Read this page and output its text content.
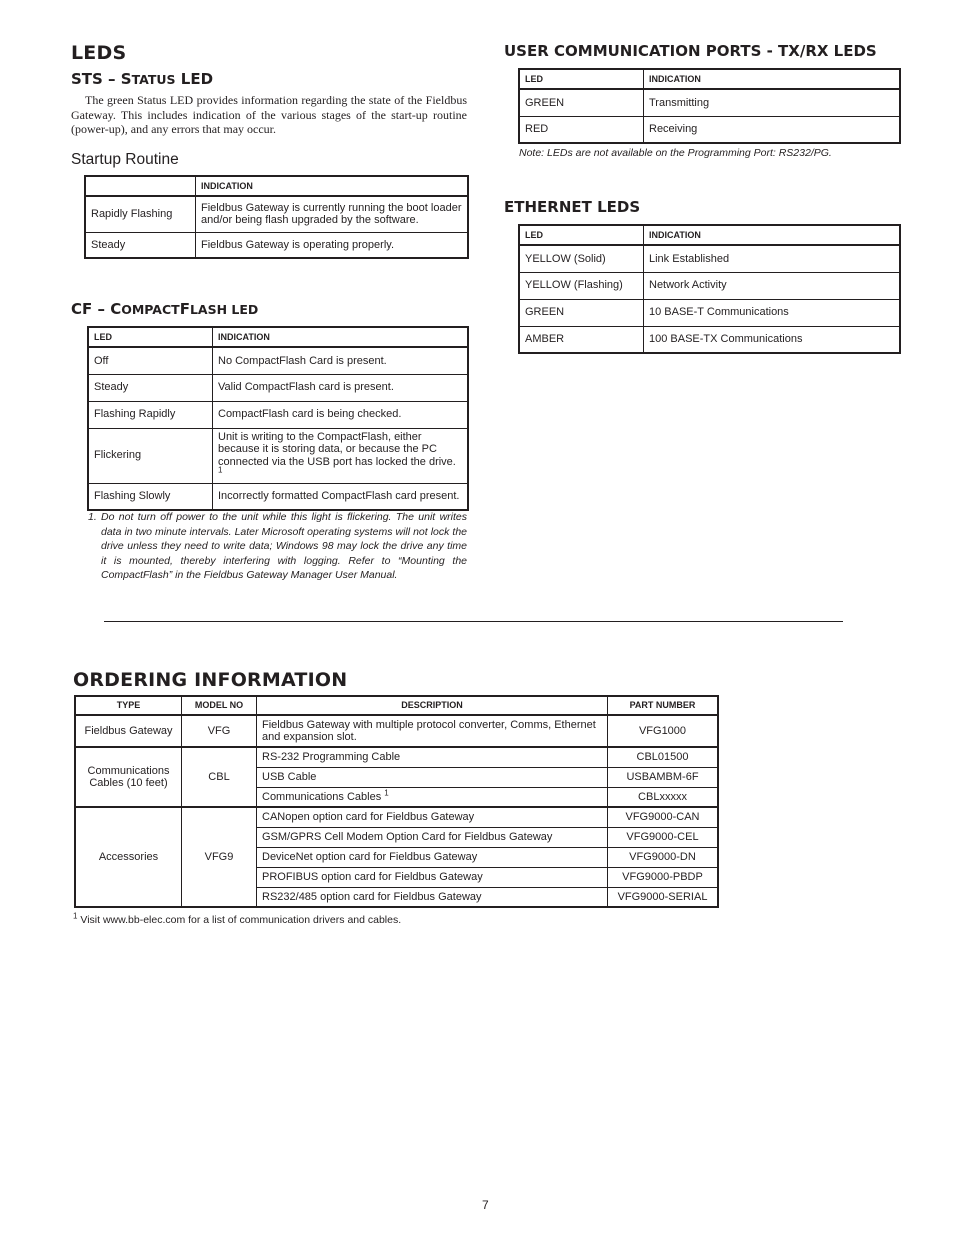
LEDS
STS – STATUS LED
The green Status LED provides information regarding the state of the Fieldbus Gateway. This includes indication of the various stages of the start-up routine (power-up), and any errors that may occur.
Startup Routine
	INDICATION
Rapidly Flashing	Fieldbus Gateway is currently running the boot loader and/or being flash upgraded by the software.
Steady	Fieldbus Gateway is operating properly.
CF – COMPACTFLASH LED
LED	INDICATION
Off	No CompactFlash Card is present.
Steady	Valid CompactFlash card is present.
Flashing Rapidly	CompactFlash card is being checked.
Flickering	Unit is writing to the CompactFlash, either because it is storing data, or because the PC connected via the USB port has locked the drive. $^1$
Flashing Slowly	Incorrectly formatted CompactFlash card present.
1. Do not turn off power to the unit while this light is flickering. The unit writes data in two minute intervals. Later Microsoft operating systems will not lock the drive unless they need to write data; Windows 98 may lock the drive any time it is mounted, thereby interfering with logging. Refer to “Mounting the CompactFlash” in the Fieldbus Gateway Manager User Manual.
USER COMMUNICATION PORTS - TX/RX LEDS
LED	INDICATION
GREEN	Transmitting
RED	Receiving
Note: LEDs are not available on the Programming Port: RS232/PG.
ETHERNET LEDS
LED	INDICATION
YELLOW (Solid)	Link Established
YELLOW (Flashing)	Network Activity
GREEN	10 BASE-T Communications
AMBER	100 BASE-TX Communications
ORDERING INFORMATION
TYPE	MODEL NO	DESCRIPTION	PART NUMBER
Fieldbus Gateway	VFG	Fieldbus Gateway with multiple protocol converter, Comms, Ethernet and expansion slot.	VFG1000
Communications Cables (10 feet)	CBL	RS-232 Programming Cable	CBL01500
		USB Cable	USBAMBM-6F
		Communications Cables $^1$	CBLxxxxx
Accessories	VFG9	CANopen option card for Fieldbus Gateway	VFG9000-CAN
		GSM/GPRS Cell Modem Option Card for Fieldbus Gateway	VFG9000-CEL
		DeviceNet option card for Fieldbus Gateway	VFG9000-DN
		PROFIBUS option card for Fieldbus Gateway	VFG9000-PBDP
		RS232/485 option card for Fieldbus Gateway	VFG9000-SERIAL
$^1$ Visit www.bb-elec.com for a list of communication drivers and cables.
7
